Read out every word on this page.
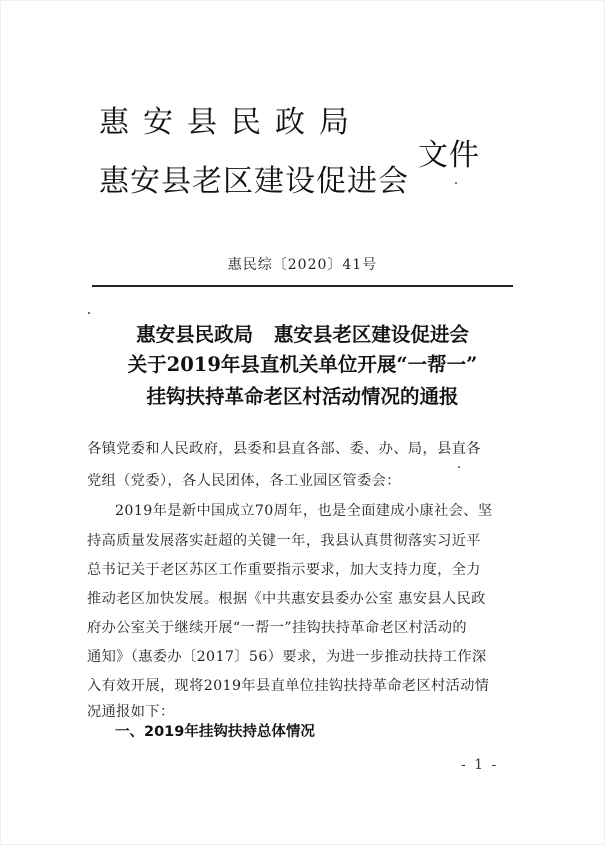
惠安县民政局
惠安县老区建设促进会
文件
惠民综〔2020〕41号
惠安县民政局 惠安县老区建设促进会
关于2019年县直机关单位开展“一帮一”
挂钩扶持革命老区村活动情况的通报
各镇党委和人民政府，县委和县直各部、委、办、局，县直各
党组（党委），各人民团体，各工业园区管委会：
2019年是新中国成立70周年，也是全面建成小康社会、坚
持高质量发展落实赶超的关键一年，我县认真贯彻落实习近平
总书记关于老区苏区工作重要指示要求，加大支持力度，全力
推动老区加快发展。根据《中共惠安县委办公室 惠安县人民政
府办公室关于继续开展“一帮一”挂钩扶持革命老区村活动的
通知》（惠委办〔2017〕56）要求，为进一步推动扶持工作深
入有效开展，现将2019年县直单位挂钩扶持革命老区村活动情
况通报如下：
一、2019年挂钩扶持总体情况
- 1 -
